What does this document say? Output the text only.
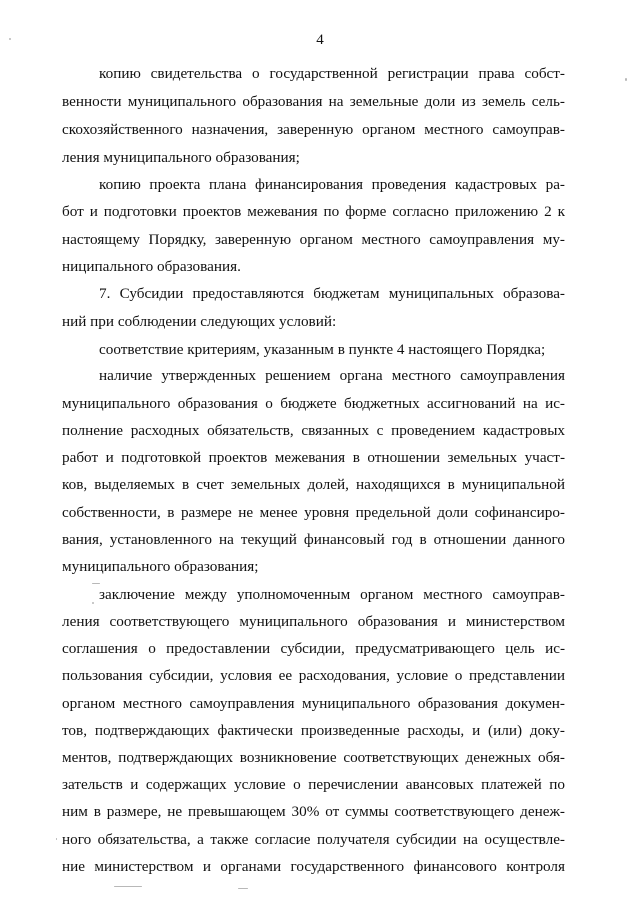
4
копию свидетельства о государственной регистрации права собст-
венности муниципального образования на земельные доли из земель сель-
скохозяйственного назначения, заверенную органом местного самоуправ-
ления муниципального образования;
копию проекта плана финансирования проведения кадастровых ра-
бот и подготовки проектов межевания по форме согласно приложению 2 к
настоящему Порядку, заверенную органом местного самоуправления му-
ниципального образования.
7. Субсидии предоставляются бюджетам муниципальных образова-
ний при соблюдении следующих условий:
соответствие критериям, указанным в пункте 4 настоящего Порядка;
наличие утвержденных решением органа местного самоуправления
муниципального образования о бюджете бюджетных ассигнований на ис-
полнение расходных обязательств, связанных с проведением кадастровых
работ и подготовкой проектов межевания в отношении земельных участ-
ков, выделяемых в счет земельных долей, находящихся в муниципальной
собственности, в размере не менее уровня предельной доли софинансиро-
вания, установленного на текущий финансовый год в отношении данного
муниципального образования;
заключение между уполномоченным органом местного самоуправ-
ления соответствующего муниципального образования и министерством
соглашения о предоставлении субсидии, предусматривающего цель ис-
пользования субсидии, условия ее расходования, условие о представлении
органом местного самоуправления муниципального образования докумен-
тов, подтверждающих фактически произведенные расходы, и (или) доку-
ментов, подтверждающих возникновение соответствующих денежных обя-
зательств и содержащих условие о перечислении авансовых платежей по
ним в размере, не превышающем 30% от суммы соответствующего денеж-
ного обязательства, а также согласие получателя субсидии на осуществле-
ние министерством и органами государственного финансового контроля
